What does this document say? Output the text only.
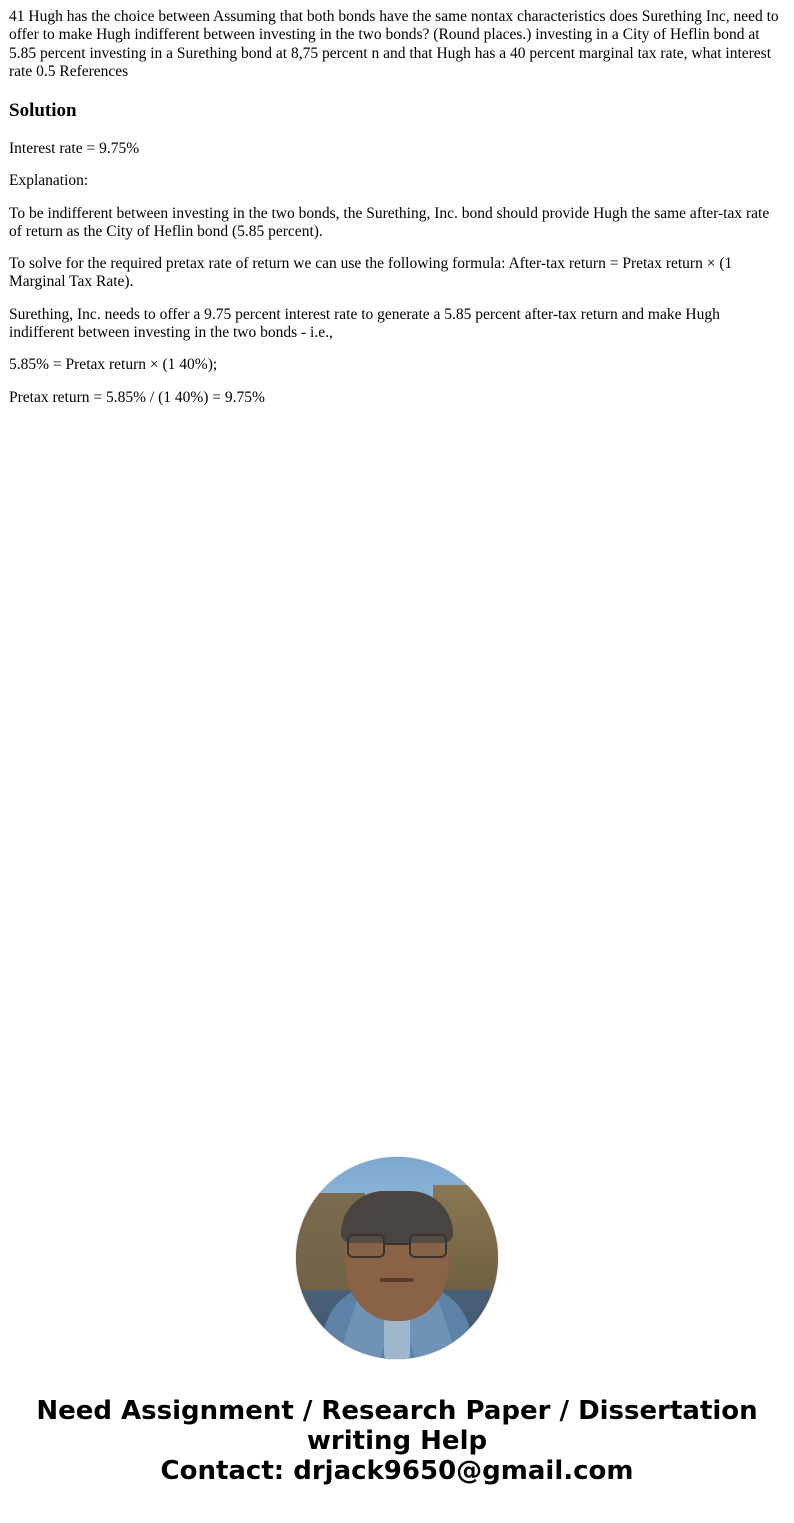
41 Hugh has the choice between Assuming that both bonds have the same nontax characteristics does Surething Inc, need to offer to make Hugh indifferent between investing in the two bonds? (Round places.) investing in a City of Heflin bond at 5.85 percent investing in a Surething bond at 8,75 percent n and that Hugh has a 40 percent marginal tax rate, what interest rate 0.5 References

Solution

Interest rate = 9.75%

Explanation:

To be indifferent between investing in the two bonds, the Surething, Inc. bond should provide Hugh the same after-tax rate of return as the City of Heflin bond (5.85 percent).

To solve for the required pretax rate of return we can use the following formula: After-tax return = Pretax return × (1 Marginal Tax Rate).

Surething, Inc. needs to offer a 9.75 percent interest rate to generate a 5.85 percent after-tax return and make Hugh indifferent between investing in the two bonds - i.e.,

5.85% = Pretax return × (1 40%);

Pretax return = 5.85% / (1 40%) = 9.75%

Need Assignment / Research Paper / Dissertation
writing Help
Contact: drjack9650@gmail.com
